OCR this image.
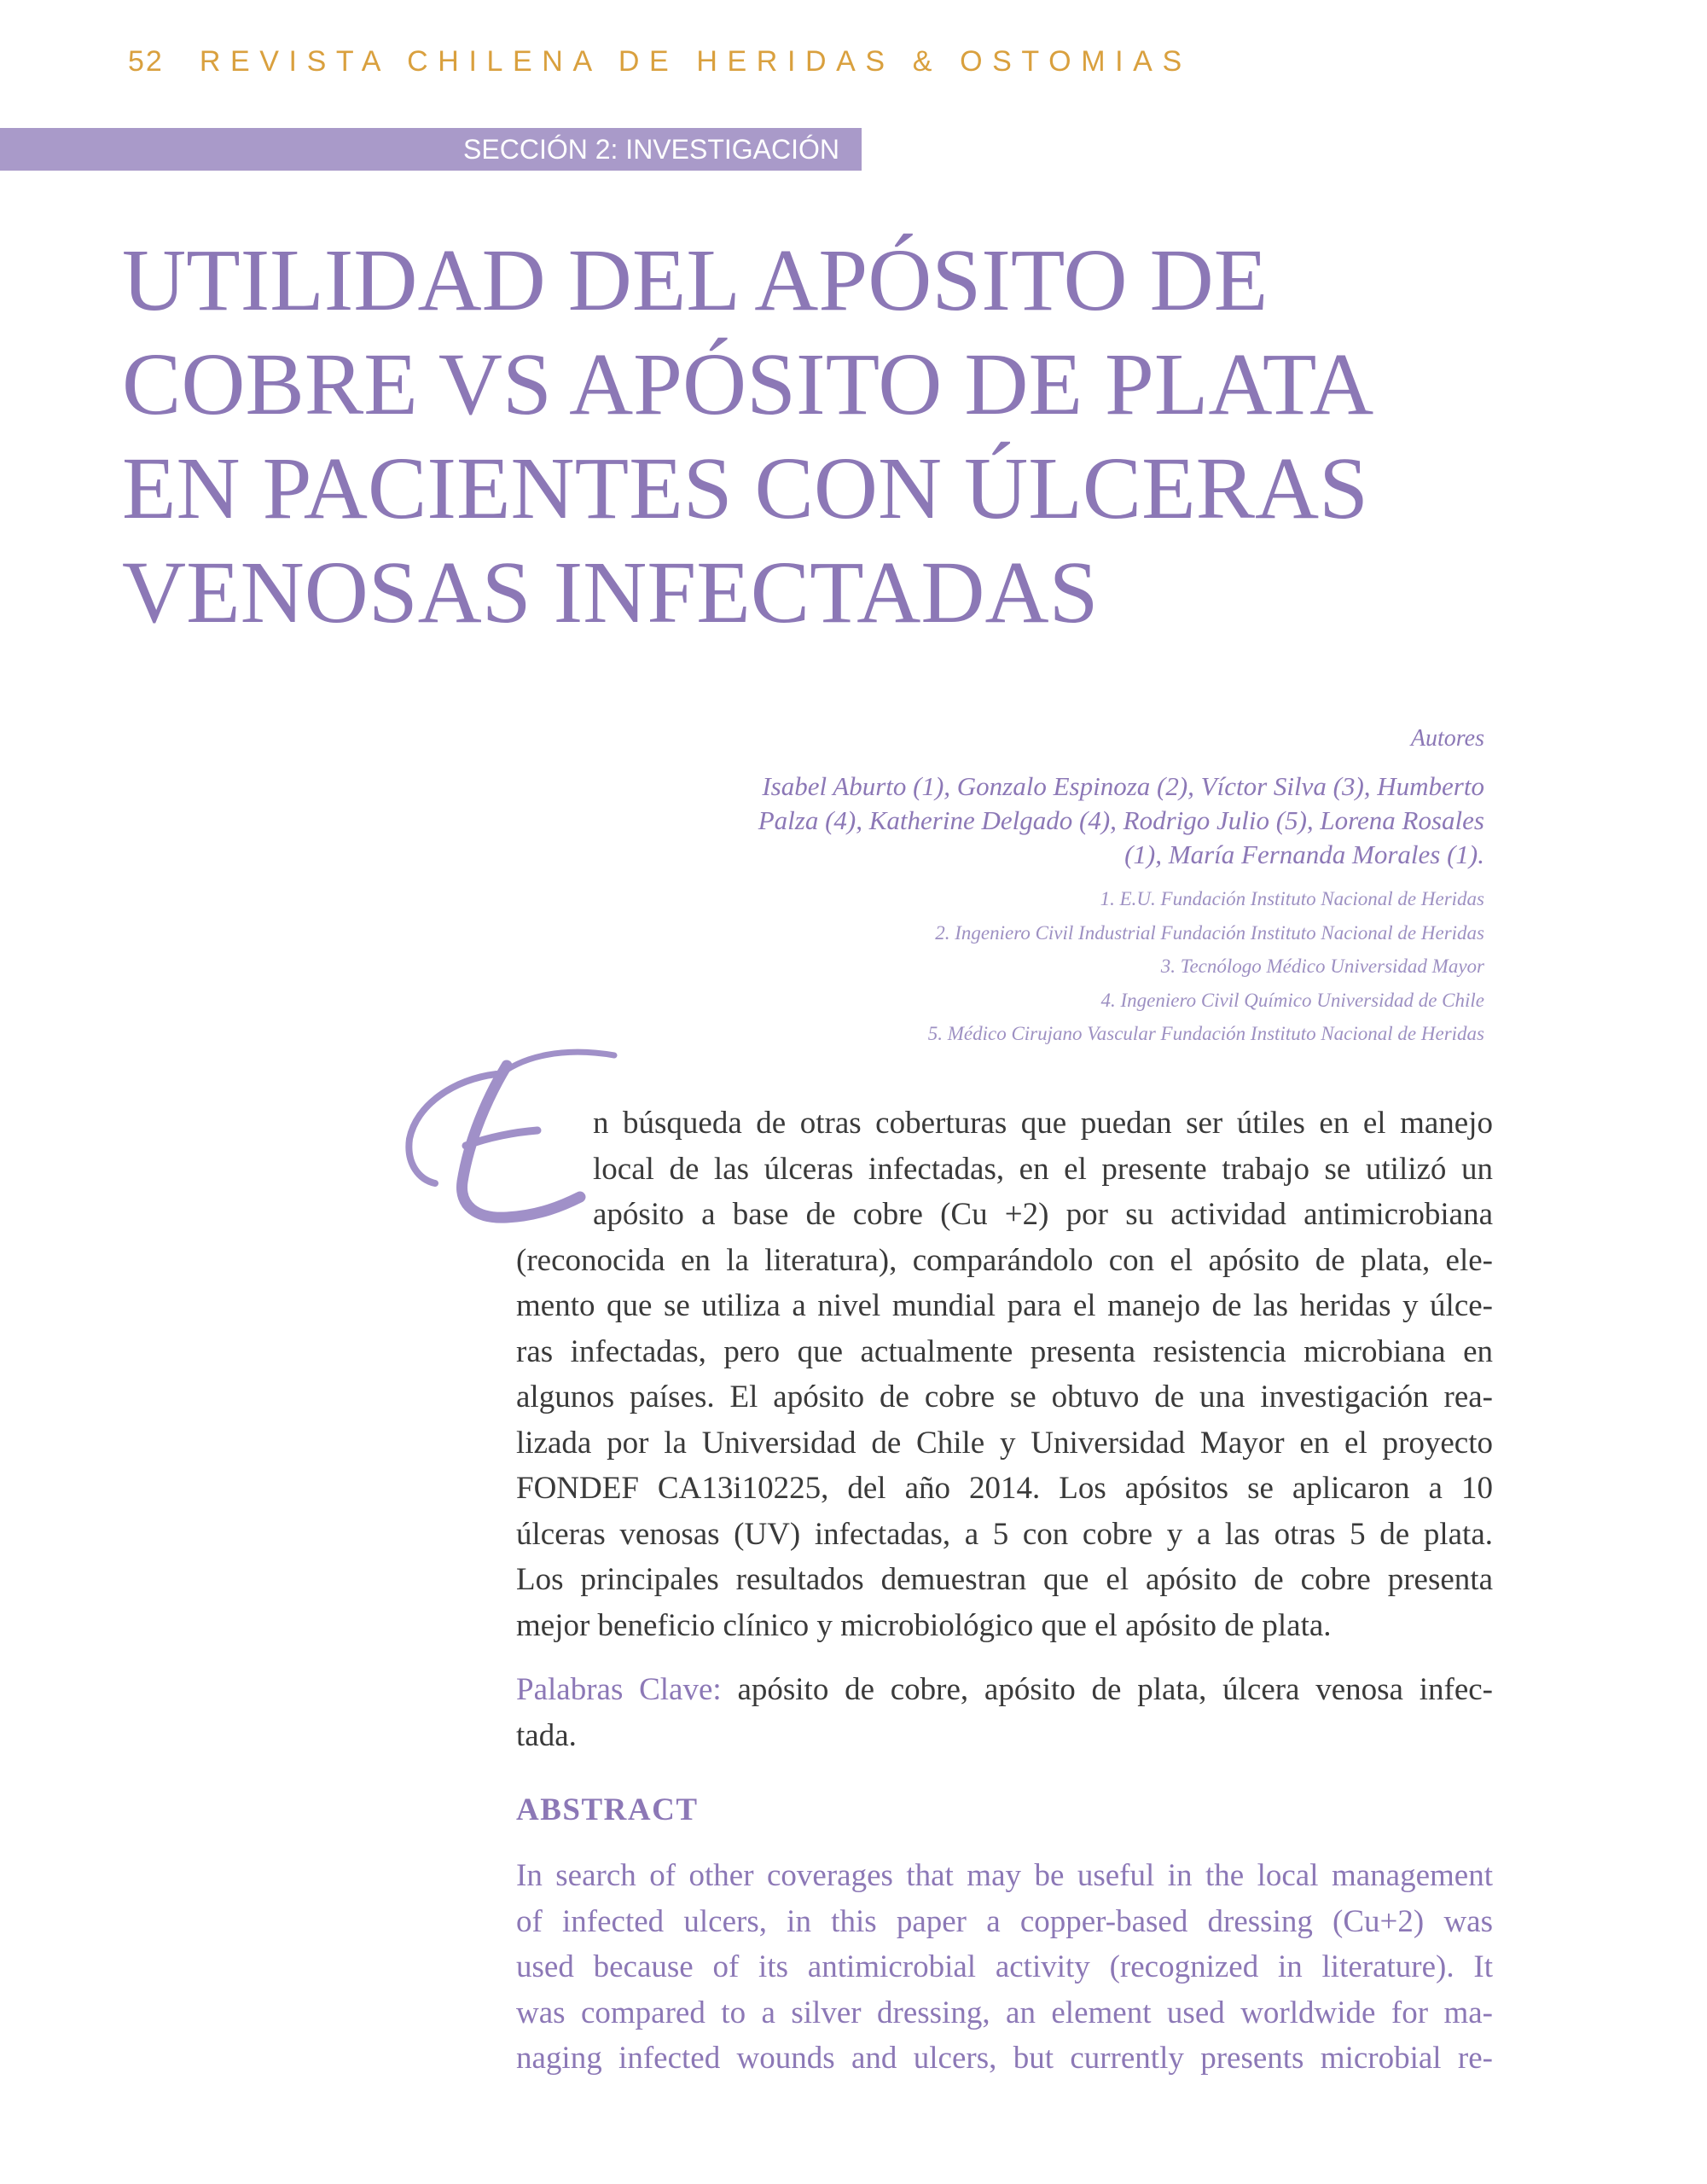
52 REVISTA CHILENA DE HERIDAS & OSTOMIAS
SECCIÓN 2: INVESTIGACIÓN
UTILIDAD DEL APÓSITO DE
COBRE VS APÓSITO DE PLATA
EN PACIENTES CON ÚLCERAS
VENOSAS INFECTADAS

Autores

Isabel Aburto (1), Gonzalo Espinoza (2), Víctor Silva (3), Humberto
Palza (4), Katherine Delgado (4), Rodrigo Julio (5), Lorena Rosales
(1), María Fernanda Morales (1).

1. E.U. Fundación Instituto Nacional de Heridas
2. Ingeniero Civil Industrial Fundación Instituto Nacional de Heridas
3. Tecnólogo Médico Universidad Mayor
4. Ingeniero Civil Químico Universidad de Chile
5. Médico Cirujano Vascular Fundación Instituto Nacional de Heridas

n búsqueda de otras coberturas que puedan ser útiles en el manejo
local de las úlceras infectadas, en el presente trabajo se utilizó un
apósito a base de cobre (Cu +2) por su actividad antimicrobiana
(reconocida en la literatura), comparándolo con el apósito de plata, ele-
mento que se utiliza a nivel mundial para el manejo de las heridas y úlce-
ras infectadas, pero que actualmente presenta resistencia microbiana en
algunos países. El apósito de cobre se obtuvo de una investigación rea-
lizada por la Universidad de Chile y Universidad Mayor en el proyecto
FONDEF CA13i10225, del año 2014. Los apósitos se aplicaron a 10
úlceras venosas (UV) infectadas, a 5 con cobre y a las otras 5 de plata.
Los principales resultados demuestran que el apósito de cobre presenta
mejor beneficio clínico y microbiológico que el apósito de plata.

Palabras Clave: apósito de cobre, apósito de plata, úlcera venosa infec-
tada.

ABSTRACT

In search of other coverages that may be useful in the local management
of infected ulcers, in this paper a copper-based dressing (Cu+2) was
used because of its antimicrobial activity (recognized in literature). It
was compared to a silver dressing, an element used worldwide for ma-
naging infected wounds and ulcers, but currently presents microbial re-
